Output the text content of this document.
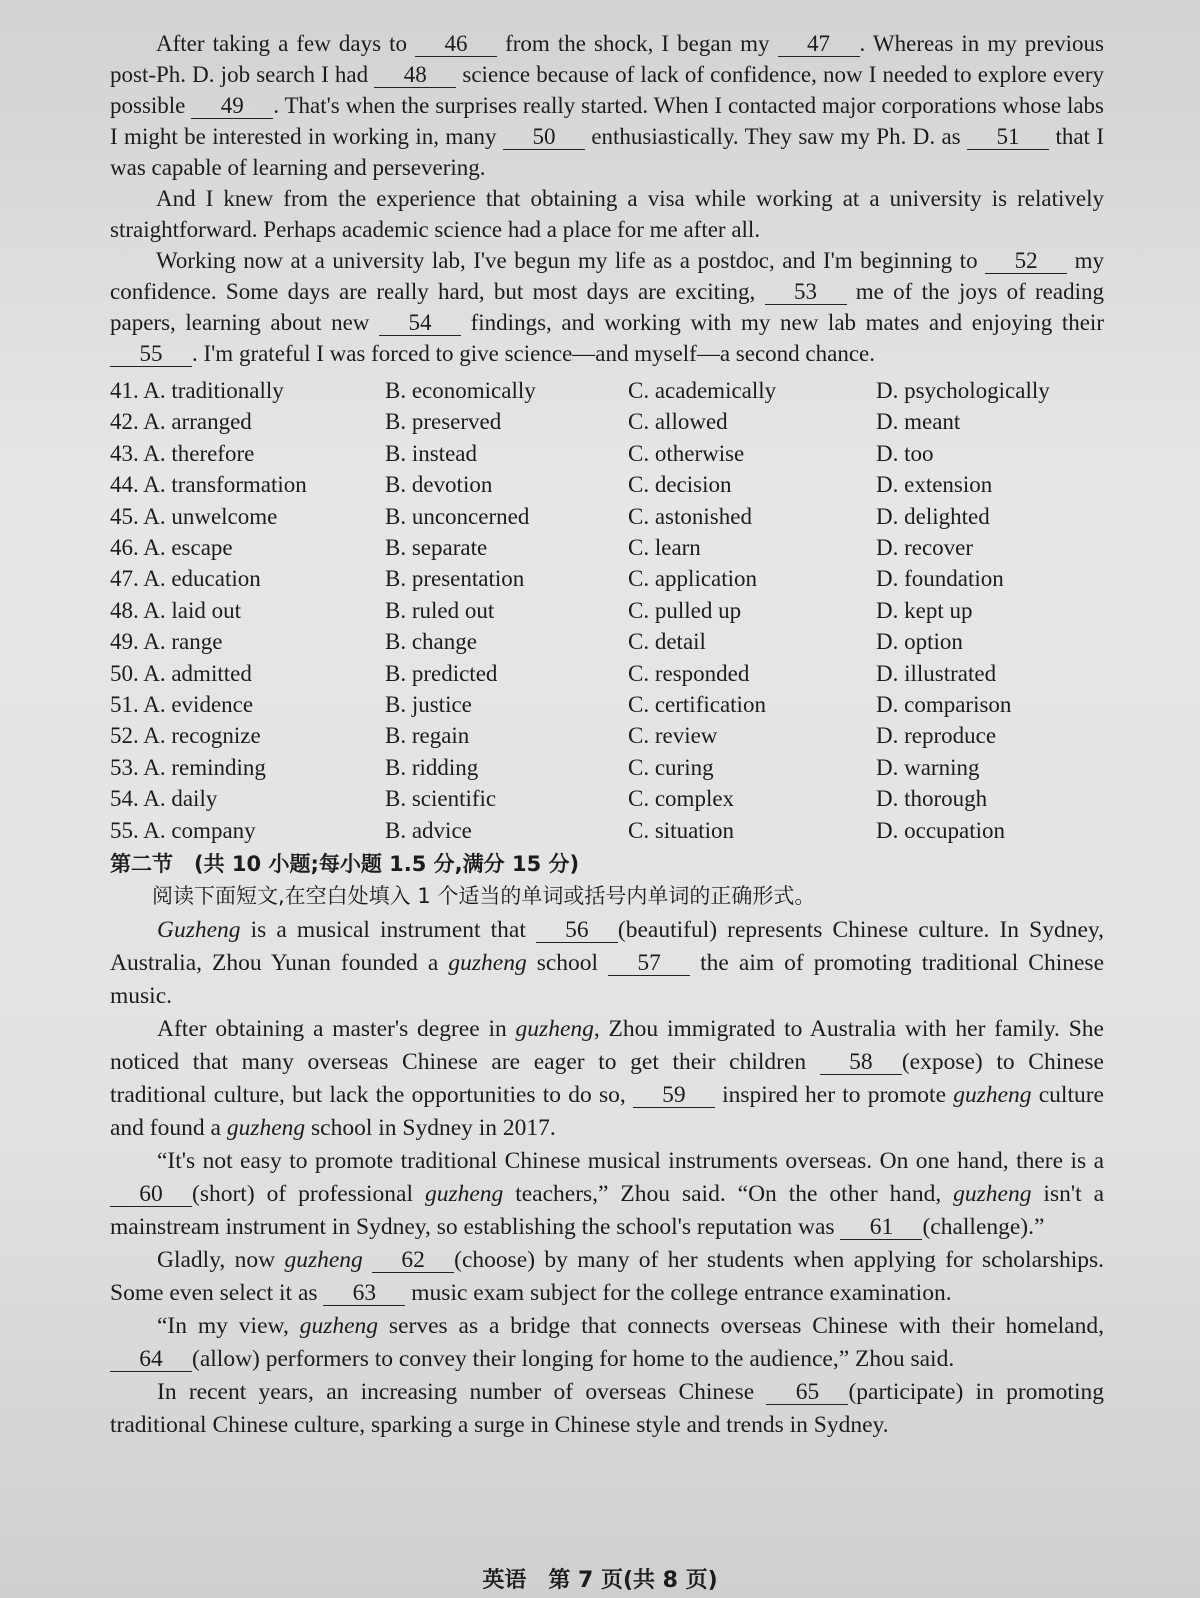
After taking a few days to 46 from the shock, I began my 47 . Whereas in my previous post-Ph. D. job search I had 48 science because of lack of confidence, now I needed to explore every possible 49 . That's when the surprises really started. When I contacted major corporations whose labs I might be interested in working in, many 50 enthusiastically. They saw my Ph. D. as 51 that I was capable of learning and persevering.

And I knew from the experience that obtaining a visa while working at a university is relatively straightforward. Perhaps academic science had a place for me after all.

Working now at a university lab, I've begun my life as a postdoc, and I'm beginning to 52 my confidence. Some days are really hard, but most days are exciting, 53 me of the joys of reading papers, learning about new 54 findings, and working with my new lab mates and enjoying their 55 . I'm grateful I was forced to give science—and myself—a second chance.

41. A. traditionally	B. economically	C. academically	D. psychologically
42. A. arranged	B. preserved	C. allowed	D. meant
43. A. therefore	B. instead	C. otherwise	D. too
44. A. transformation	B. devotion	C. decision	D. extension
45. A. unwelcome	B. unconcerned	C. astonished	D. delighted
46. A. escape	B. separate	C. learn	D. recover
47. A. education	B. presentation	C. application	D. foundation
48. A. laid out	B. ruled out	C. pulled up	D. kept up
49. A. range	B. change	C. detail	D. option
50. A. admitted	B. predicted	C. responded	D. illustrated
51. A. evidence	B. justice	C. certification	D. comparison
52. A. recognize	B. regain	C. review	D. reproduce
53. A. reminding	B. ridding	C. curing	D. warning
54. A. daily	B. scientific	C. complex	D. thorough
55. A. company	B. advice	C. situation	D. occupation

第二节　(共 10 小题;每小题 1.5 分,满分 15 分)

阅读下面短文,在空白处填入 1 个适当的单词或括号内单词的正确形式。

Guzheng is a musical instrument that 56 (beautiful) represents Chinese culture. In Sydney, Australia, Zhou Yunan founded a guzheng school 57 the aim of promoting traditional Chinese music.

After obtaining a master's degree in guzheng, Zhou immigrated to Australia with her family. She noticed that many overseas Chinese are eager to get their children 58 (expose) to Chinese traditional culture, but lack the opportunities to do so, 59 inspired her to promote guzheng culture and found a guzheng school in Sydney in 2017.

“It's not easy to promote traditional Chinese musical instruments overseas. On one hand, there is a 60 (short) of professional guzheng teachers,” Zhou said. “On the other hand, guzheng isn't a mainstream instrument in Sydney, so establishing the school's reputation was 61 (challenge).”

Gladly, now guzheng 62 (choose) by many of her students when applying for scholarships. Some even select it as 63 music exam subject for the college entrance examination.

“In my view, guzheng serves as a bridge that connects overseas Chinese with their homeland, 64 (allow) performers to convey their longing for home to the audience,” Zhou said.

In recent years, an increasing number of overseas Chinese 65 (participate) in promoting traditional Chinese culture, sparking a surge in Chinese style and trends in Sydney.

英语　第 7 页(共 8 页)
